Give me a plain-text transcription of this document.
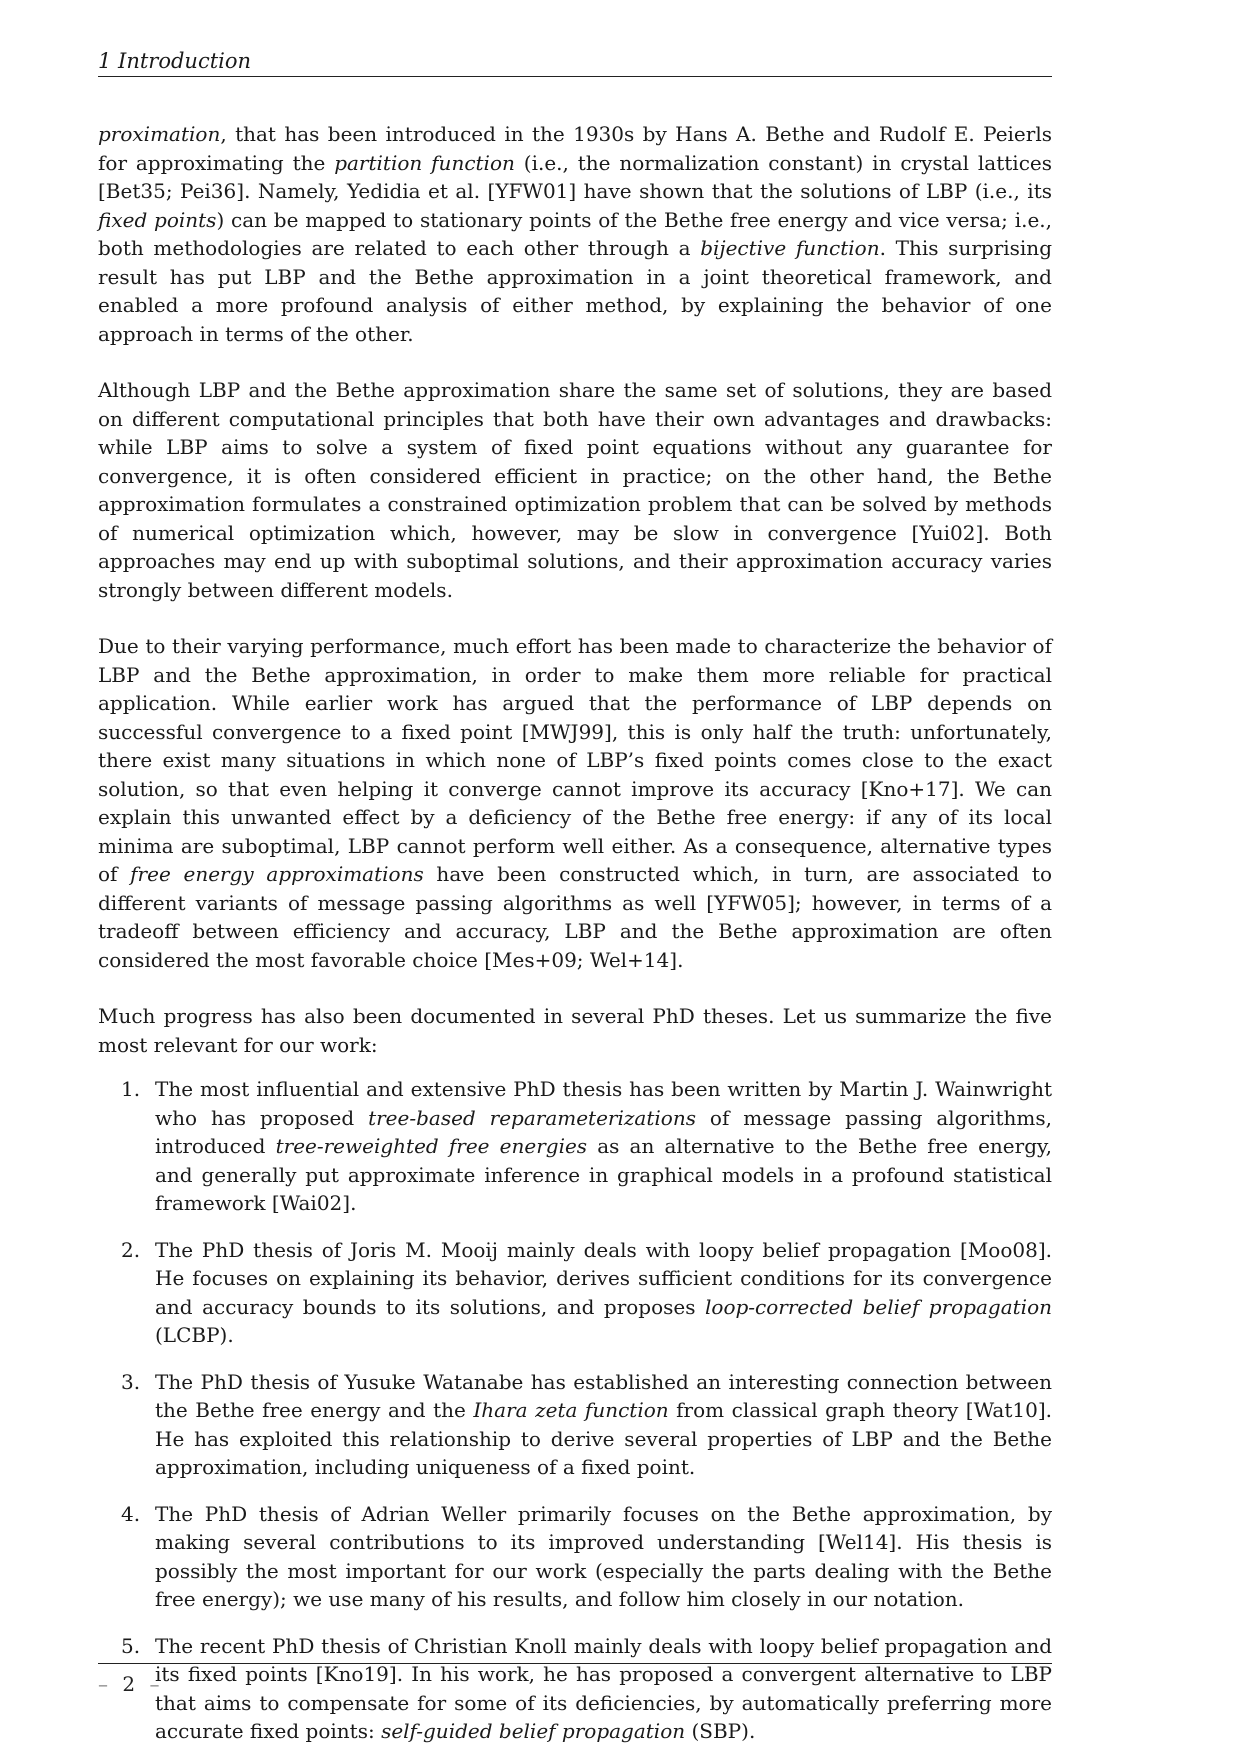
1 Introduction

proximation, that has been introduced in the 1930s by Hans A. Bethe and Rudolf E. Peierls for approximating the partition function (i.e., the normalization constant) in crystal lattices [Bet35; Pei36]. Namely, Yedidia et al. [YFW01] have shown that the solutions of LBP (i.e., its fixed points) can be mapped to stationary points of the Bethe free energy and vice versa; i.e., both methodologies are related to each other through a bijective function. This surprising result has put LBP and the Bethe approximation in a joint theoretical framework, and enabled a more profound analysis of either method, by explaining the behavior of one approach in terms of the other.

Although LBP and the Bethe approximation share the same set of solutions, they are based on different computational principles that both have their own advantages and drawbacks: while LBP aims to solve a system of fixed point equations without any guarantee for convergence, it is often considered efficient in practice; on the other hand, the Bethe approximation formulates a constrained optimization problem that can be solved by methods of numerical optimization which, however, may be slow in convergence [Yui02]. Both approaches may end up with suboptimal solutions, and their approximation accuracy varies strongly between different models.

Due to their varying performance, much effort has been made to characterize the behavior of LBP and the Bethe approximation, in order to make them more reliable for practical application. While earlier work has argued that the performance of LBP depends on successful convergence to a fixed point [MWJ99], this is only half the truth: unfortunately, there exist many situations in which none of LBP’s fixed points comes close to the exact solution, so that even helping it converge cannot improve its accuracy [Kno+17]. We can explain this unwanted effect by a deficiency of the Bethe free energy: if any of its local minima are suboptimal, LBP cannot perform well either. As a consequence, alternative types of free energy approximations have been constructed which, in turn, are associated to different variants of message passing algorithms as well [YFW05]; however, in terms of a tradeoff between efficiency and accuracy, LBP and the Bethe approximation are often considered the most favorable choice [Mes+09; Wel+14].

Much progress has also been documented in several PhD theses. Let us summarize the five most relevant for our work:

1. The most influential and extensive PhD thesis has been written by Martin J. Wainwright who has proposed tree-based reparameterizations of message passing algorithms, introduced tree-reweighted free energies as an alternative to the Bethe free energy, and generally put approximate inference in graphical models in a profound statistical framework [Wai02].
2. The PhD thesis of Joris M. Mooij mainly deals with loopy belief propagation [Moo08]. He focuses on explaining its behavior, derives sufficient conditions for its convergence and accuracy bounds to its solutions, and proposes loop-corrected belief propagation (LCBP).
3. The PhD thesis of Yusuke Watanabe has established an interesting connection between the Bethe free energy and the Ihara zeta function from classical graph theory [Wat10]. He has exploited this relationship to derive several properties of LBP and the Bethe approximation, including uniqueness of a fixed point.
4. The PhD thesis of Adrian Weller primarily focuses on the Bethe approximation, by making several contributions to its improved understanding [Wel14]. His thesis is possibly the most important for our work (especially the parts dealing with the Bethe free energy); we use many of his results, and follow him closely in our notation.
5. The recent PhD thesis of Christian Knoll mainly deals with loopy belief propagation and its fixed points [Kno19]. In his work, he has proposed a convergent alternative to LBP that aims to compensate for some of its deficiencies, by automatically preferring more accurate fixed points: self-guided belief propagation (SBP).
– 2 –
